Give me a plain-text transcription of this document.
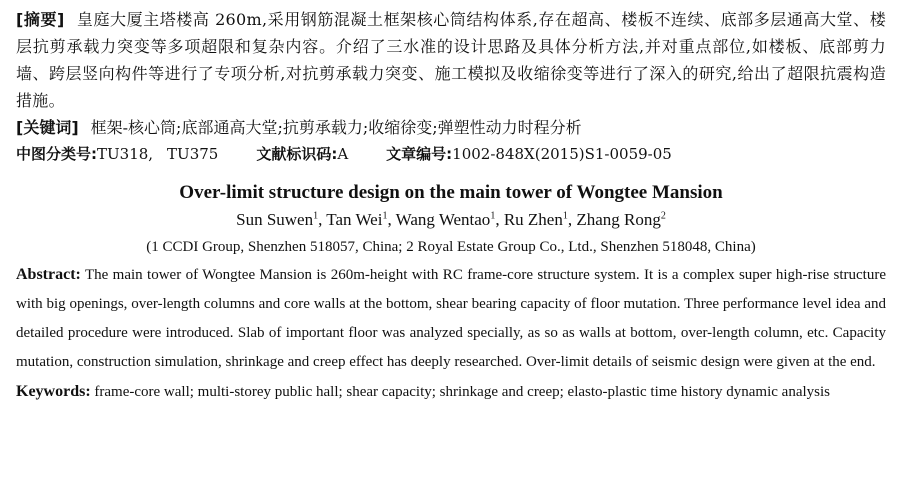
[摘要] 皇庭大厦主塔楼高 260m,采用钢筋混凝土框架核心筒结构体系,存在超高、楼板不连续、底部多层通高大堂、楼层抗剪承载力突变等多项超限和复杂内容。介绍了三水准的设计思路及具体分析方法,并对重点部位,如楼板、底部剪力墙、跨层竖向构件等进行了专项分析,对抗剪承载力突变、施工模拟及收缩徐变等进行了深入的研究,给出了超限抗震构造措施。

[关键词] 框架-核心筒;底部通高大堂;抗剪承载力;收缩徐变;弹塑性动力时程分析

中图分类号:TU318, TU375	文献标识码:A	文章编号:1002-848X(2015)S1-0059-05

Over-limit structure design on the main tower of Wongtee Mansion

Sun Suwen$^1$, Tan Wei$^1$, Wang Wentao$^1$, Ru Zhen$^1$, Zhang Rong$^2$

(1 CCDI Group, Shenzhen 518057, China; 2 Royal Estate Group Co., Ltd., Shenzhen 518048, China)

Abstract: The main tower of Wongtee Mansion is 260m-height with RC frame-core structure system. It is a complex super high-rise structure with big openings, over-length columns and core walls at the bottom, shear bearing capacity of floor mutation. Three performance level idea and detailed procedure were introduced. Slab of important floor was analyzed specially, as so as walls at bottom, over-length column, etc. Capacity mutation, construction simulation, shrinkage and creep effect has deeply researched. Over-limit details of seismic design were given at the end.

Keywords: frame-core wall; multi-storey public hall; shear capacity; shrinkage and creep; elasto-plastic time history dynamic analysis
